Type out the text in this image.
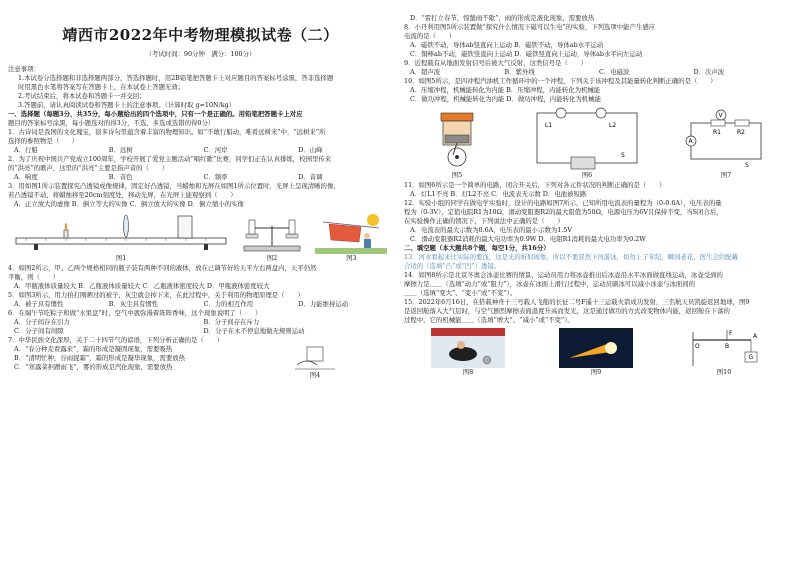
靖西市2022年中考物理模拟试卷（二）
（考试时间：90分钟　满分：100分）
注意事项：
1.本试卷分选择题和非选择题两部分，答选择题时，用2B铅笔把答题卡上对应题目的答案标号涂黑，答非选择题
时用黑色水笔将答案写在答题卡上，在本试卷上答题无效；
2.考试结束后，将本试卷和答题卡一并交回；
3.答题前，请认真阅读试卷和答题卡上的注意事项。（计算时取 g=10N/kg）
一、选择题（每题3分，共35分，每小题给出的四个选项中，只有一个是正确的。用铅笔把答题卡上对应
题目的答案标号涂黑，每小题选对的得3分，不选、多选或选错的得0分）
1．古诗词是我国的文化瑰宝，很多诗句里蕴含着丰富的物理知识。如“不敢行船动，唯看远树来”中，“远树来”所
选择的参照物是（　　）
A．行船	B．远树	C．河岸	D．山峰
2．为了庆祝中国共产党成立100周年，学校开展了爱党主题活动“唱红歌”比赛，同学们正在认真排练，校园里传来
的“洪亮”的歌声，这里的“洪亮”主要是指声音的（　　）
A．响度	B．音色	C．频率	D．音调
3．用如图1所示装置探究凸透镜成像规律，固定好凸透镜，当蜡烛和光屏在如图1所示位置时，光屏上呈现清晰的像，
若凸透镜不动，将蜡烛移至20cm刻度处，移动光屏，在光屏上能观察到（　　）
A．正立放大的虚像 B．倒立等大的实像 C．倒立放大的实像 D．倒立缩小的实像
图1	图2	图3
4．如图2所示，甲、乙两个规格相同的瓶子装有两种不同的液体，放在已调节好的天平左右两盘内，天平仍然
平衡，则（　　）
A．甲瓶液体质量较大 B．乙瓶液体质量较大 C．乙瓶液体密度较大 D．甲瓶液体密度较大
5．如图3所示，用力拍打刚晒过的被子，灰尘就会掉下来，在此过程中，关于利用的物理原理是（　　）
A．被子具有惯性	B．灰尘具有惯性	C．力的相互作用	D．力能维持运动
6．在端午节吃粽子和做“水果盘”时，空气中就弥漫着阵阵香味，这个现象说明了（　　）
A．分子间存在引力	B．分子间存在斥力
C．分子间有间隙	D．分子在永不停息地做无规则运动
7．中华民族文化深厚，关于二十四节气的谚语，下列分析正确的是（　　）
A．“春分种麦看露来”，霜的形成是凝固现象，需要吸热
B．“清明忙种，谷雨捉霜”，霜的形成是凝华现象，需要放热
C．“寒露菜担蹭雨飞”，雾的形成是汽化现象，需要放热
图4
D．“雷打立春节，惊蛰雨不歇”，雨的形成是液化现象，需要放热
8．小丹利用图5所示装置做“探究什么情况下磁可以生电”的实验，下列选项中能产生感应
电流的是（　　）
A．磁铁不动，导体ab竖直向上运动 B．磁铁不动，导体ab水平运动
C．铜棒ab不动，磁铁竖直向上运动 D．磁铁竖直向上运动，导体ab水平向左运动
9．近程载有从地面发射信号后被大气反射，这类信号是（　　）
A．超声波	B．紫外线	C．电磁波	D．次声波
10．如图5所示，是四冲程汽油机工作循环中的一个冲程，下列关于该冲程及其能量转化判断正确的是（　　）
A．压缩冲程，机械能转化为内能 B．压缩冲程，内能转化为机械能
C．做功冲程，机械能转化为内能 D．做功冲程，内能转化为机械能
图5
L1	L2
S
图6
V
A
R1	R2
S
图7
11．如图6所示是一个简单的电路，闭合开关后，下列对各元件状况的判断正确的是（　　）
A．灯L1不亮 B．灯L2不亮 C．电流表无示数 D．电池被短路
12．实验小组的同学在做电学实验时，设计的电路如图7所示，已知所用电流表的量程为（0-0.6A），电压表的量
程为（0-3V），定值电阻R1为10Ω，滑动变阻器R2的最大阻值为50Ω，电源电压为6V且保持不变，当S闭合后，
在实验操作正确的情况下，下列说法中正确的是（　　）
A．电流表的最大示数为0.6A，电压表的最小示数为1.5V
C．滑动变阻器R2消耗的最大电功率为0.9W D．电阻R1消耗的最大电功率为0.2W
二、填空题（本大题共8个题，每空1分，共16分）
13．河水看起来比实际的要浅，这是光的折射现象，所以不要冒然下河游泳，切勿上了年纪，瞬间老花，医生会给配戴
合适的（选填“凸”或“凹”）透镜。
14．如图8所示是北京冬奥会冰壶比赛的情景，运动员用力将冰壶推出后冰壶沿水平冰面做直线运动，冰壶受到的
摩擦力是＿＿（选填“动力”或“阻力”），冰壶在冰面上滑行过程中，运动员刷冰可以减小冰壶与冰面间的
＿＿（选填“变大”、“变小”或“不变”）。
15．2022年6月16日，在搭载神舟十三号载人飞船的长征二号F遥十三运载火箭成功发射，三名航天员凯旋返回地球，图9
是返回舱落入大气层时，与空气剧烈摩擦表面温度升高而发光，这是通过做功的方式改变物体内能，返回舱在下落的
过程中，它的机械能＿＿（选填“增大”、“减小”或“不变”）。
图8	图9
F
O	B
A
G
图10
